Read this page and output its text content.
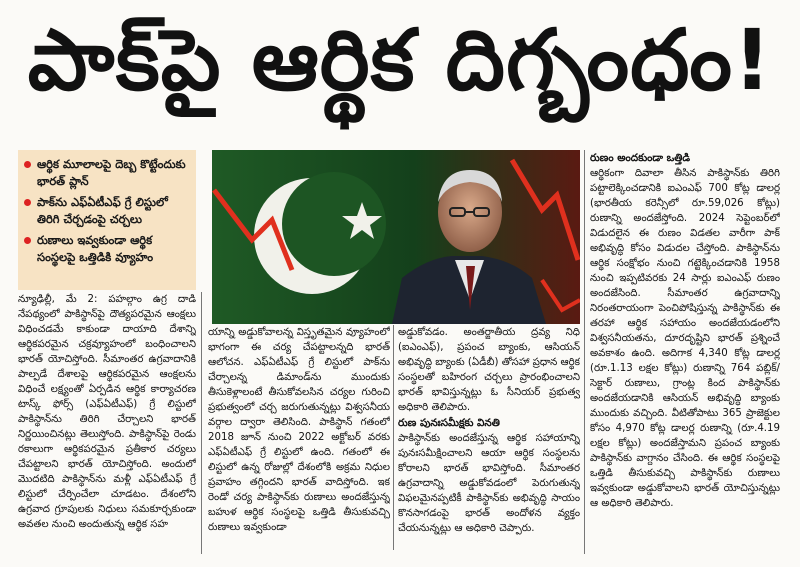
పాక్‌పై ఆర్థిక దిగ్బంధం!
ఆర్థిక మూలాలపై దెబ్బ కొట్టేందుకు భారత్ ప్లాన్
పాక్‌ను ఎఫ్ఏటీఎఫ్ గ్రే లిస్టులో తిరిగి చేర్చడంపై చర్చలు
రుణాలు ఇవ్వకుండా ఆర్థిక సంస్థలపై ఒత్తిడికి వ్యూహం

న్యూఢిల్లీ, మే 2: పహల్గాం ఉగ్ర దాడి నేపథ్యంలో పాకిస్థాన్‌పై దౌత్యపరమైన ఆంక్షలు విధించడమే కాకుండా దాయాది దేశాన్ని ఆర్థికపరమైన చక్రవ్యూహంలో బంధించాలని భారత్ యోచిస్తోంది. సీమాంతర ఉగ్రవాదానికి పాల్పడే దేశాలపై ఆర్థికపరమైన ఆంక్షలను విధించే లక్ష్యంతో ఏర్పడిన ఆర్థిక కార్యాచరణ టాస్క్ ఫోర్స్ (ఎఫ్ఏటీఎఫ్) గ్రే లిస్టులో పాకిస్థాన్‌ను తిరిగి చేర్చాలని భారత్ నిర్ణయించినట్లు తెలుస్తోంది. పాకిస్థాన్‌పై రెండు రకాలుగా ఆర్థికపరమైన ప్రతీకార చర్యలు చేపట్టాలని భారత్ యోచిస్తోంది. అందులో మొదటిది పాకిస్థాన్‌ను మళ్లీ ఎఫ్ఏటీఎఫ్ గ్రే లిస్టులో చేర్పించేలా చూడటం. దేశంలోని ఉగ్రవాద గ్రూపులకు నిధులు సమకూర్చకుండా అవతల నుంచి అందుతున్న ఆర్థిక సహ

యాన్ని అడ్డుకోవాలన్న విస్తృతమైన వ్యూహంలో భాగంగా ఈ చర్య చేపట్టాలన్నది భారత్ ఆలోచన. ఎఫ్ఏటీఎఫ్ గ్రే లిస్టులో పాక్‌ను చేర్చాలన్న డిమాండ్‌ను ముందుకు తీసుకెళ్లాలంటే తీసుకోవలసిన చర్యల గురించి ప్రభుత్వంలో చర్చ జరుగుతున్నట్లు విశ్వసనీయ వర్గాల ద్వారా తెలిసింది. పాకిస్థాన్ గతంలో 2018 జూన్ నుంచి 2022 అక్టోబర్ వరకు ఎఫ్ఏటీఎఫ్ గ్రే లిస్టులో ఉంది. గతంలో ఈ లిస్టులో ఉన్న రోజుల్లో దేశంలోకి అక్రమ నిధుల ప్రవాహం తగ్గిందని భారత్ వాదిస్తోంది. ఇక రెండో చర్య పాకిస్థాన్‌కు రుణాలు అందజేస్తున్న బహుళ ఆర్థిక సంస్థలపై ఒత్తిడి తీసుకువచ్చి రుణాలు ఇవ్వకుండా

అడ్డుకోవడం. అంతర్జాతీయ ద్రవ్య నిధి (ఐఎంఎఫ్), ప్రపంచ బ్యాంకు, ఆసియన్ అభివృద్ధి బ్యాంకు (ఏడీబీ) తోసహా ప్రధాన ఆర్థిక సంస్థలతో బహిరంగ చర్చలు ప్రారంభించాలని భారత్ భావిస్తున్నట్లు ఓ సీనియర్ ప్రభుత్వ అధికారి తెలిపారు.

రుణ పునఃసమీక్షకు వినతి

పాకిస్థాన్‌కు అందజేస్తున్న ఆర్థిక సహాయాన్ని పునఃసమీక్షించాలని ఆయా ఆర్థిక సంస్థలను కోరాలని భారత్ భావిస్తోంది. సీమాంతర ఉగ్రవాదాన్ని అడ్డుకోవడంలో పెరుగుతున్న విఫలమైనప్పటికీ పాకిస్థాన్‌కు అభివృద్ధి సాయం కొనసాగడంపై భారత్ అందోళన వ్యక్తం చేయనున్నట్లు ఆ అధికారి చెప్పారు.

రుణం అందకుండా ఒత్తిడి

ఆర్థికంగా దివాలా తీసిన పాకిస్థాన్‌కు తిరిగి పట్టాలెక్కించడానికి ఐఎంఎఫ్ 700 కోట్ల డాలర్ల (భారతీయ కరెన్సీలో రూ.59,026 కోట్లు) రుణాన్ని అందజేస్తోంది. 2024 సెప్టెంబర్‌లో విడుదలైన ఈ రుణం విడతల వారీగా పాక్ అభివృద్ధి కోసం విడుదల చేస్తోంది. పాకిస్థాన్‌ను ఆర్థిక సంక్షోభం నుంచి గట్టెక్కించడానికి 1958 నుంచి ఇప్పటివరకు 24 సార్లు ఐఎంఎఫ్ రుణం అందజేసింది. సీమాంతర ఉగ్రవాదాన్ని నిరంతరాయంగా పెంచిపోషిస్తున్న పాకిస్థాన్‌కు ఈ తరహా ఆర్థిక సహాయం అందజేయడంలోని విశ్వసనీయతను, దూరదృష్టిని భారత్ ప్రశ్నించే అవకాశం ఉంది. అదిగాక 4,340 కోట్ల డాలర్ల (రూ.1.13 లక్షల కోట్లు) రుణాన్ని 764 పబ్లిక్/సెక్టార్ రుణాలు, గ్రాంట్ల కింద పాకిస్థాన్‌కు అందజేయడానికి ఆసియన్ అభివృద్ధి బ్యాంకు ముందుకు వచ్చింది. వీటితోపాటు 365 ప్రాజెక్టుల కోసం 4,970 కోట్ల డాలర్ల రుణాన్ని (రూ.4.19 లక్షల కోట్లు) అందజేస్తామని ప్రపంచ బ్యాంకు పాకిస్థాన్‌కు వాగ్దానం చేసింది. ఈ ఆర్థిక సంస్థలపై ఒత్తిడి తీసుకువచ్చి పాకిస్థాన్‌కు రుణాలు ఇవ్వకుండా అడ్డుకోవాలని భారత్ యోచిస్తున్నట్లు ఆ అధికారి తెలిపారు.
